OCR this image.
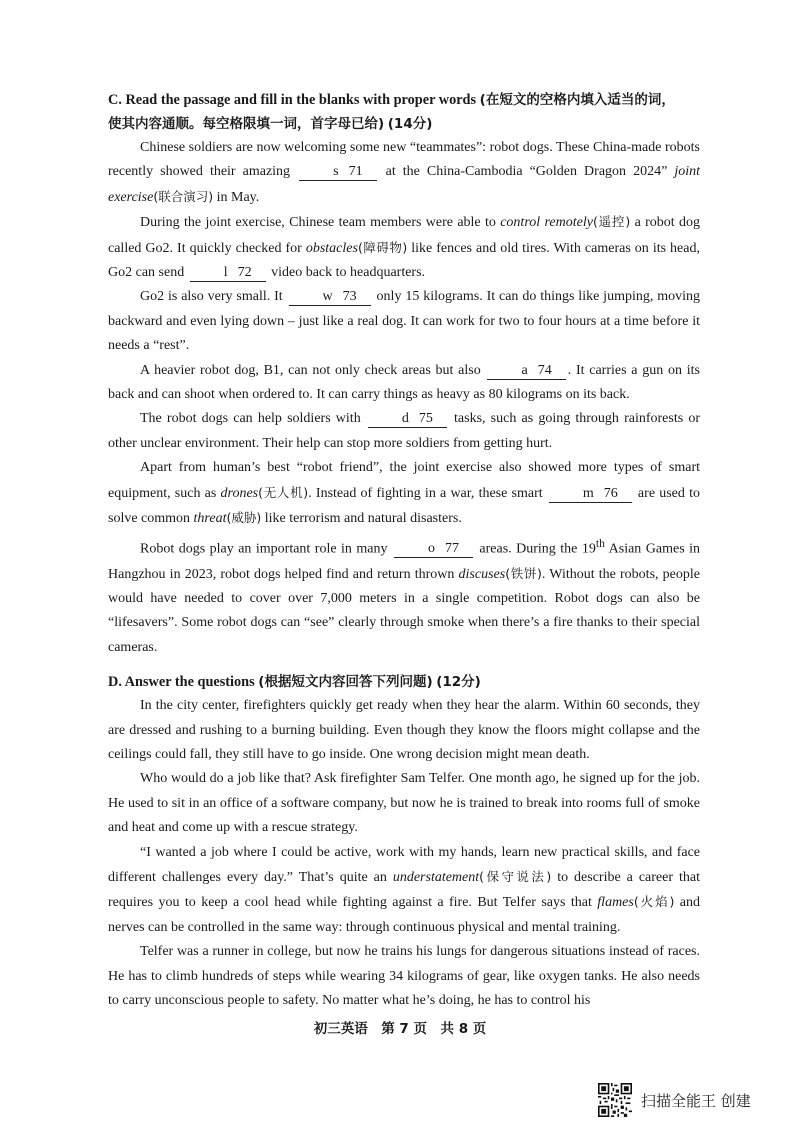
C. Read the passage and fill in the blanks with proper words (在短文的空格内填入适当的词，
使其内容通顺。每空格限填一词，首字母已给) (14分)

Chinese soldiers are now welcoming some new “teammates”: robot dogs. These China-made robots recently showed their amazing	s 71 at the China-Cambodia “Golden Dragon 2024” joint exercise(联合演习) in May.

During the joint exercise, Chinese team members were able to control remotely(遥控) a robot dog called Go2. It quickly checked for obstacles(障碍物) like fences and old tires. With cameras on its head, Go2 can send	l 72 video back to headquarters.

Go2 is also very small. It	w 73 only 15 kilograms. It can do things like jumping, moving backward and even lying down – just like a real dog. It can work for two to four hours at a time before it needs a “rest”.

A heavier robot dog, B1, can not only check areas but also	a 74 . It carries a gun on its back and can shoot when ordered to. It can carry things as heavy as 80 kilograms on its back.

The robot dogs can help soldiers with	d 75 tasks, such as going through rainforests or other unclear environment. Their help can stop more soldiers from getting hurt.

Apart from human’s best “robot friend”, the joint exercise also showed more types of smart equipment, such as drones(无人机). Instead of fighting in a war, these smart	m 76 are used to solve common threat(威胁) like terrorism and natural disasters.

Robot dogs play an important role in many	o 77 areas. During the 19th Asian Games in Hangzhou in 2023, robot dogs helped find and return thrown discuses(铁饼). Without the robots, people would have needed to cover over 7,000 meters in a single competition. Robot dogs can also be “lifesavers”. Some robot dogs can “see” clearly through smoke when there’s a fire thanks to their special cameras.

D. Answer the questions (根据短文内容回答下列问题) (12分)

In the city center, firefighters quickly get ready when they hear the alarm. Within 60 seconds, they are dressed and rushing to a burning building. Even though they know the floors might collapse and the ceilings could fall, they still have to go inside. One wrong decision might mean death.

Who would do a job like that? Ask firefighter Sam Telfer. One month ago, he signed up for the job. He used to sit in an office of a software company, but now he is trained to break into rooms full of smoke and heat and come up with a rescue strategy.

“I wanted a job where I could be active, work with my hands, learn new practical skills, and face different challenges every day.” That’s quite an understatement(保守说法) to describe a career that requires you to keep a cool head while fighting against a fire. But Telfer says that flames(火焰) and nerves can be controlled in the same way: through continuous physical and mental training.

Telfer was a runner in college, but now he trains his lungs for dangerous situations instead of races. He has to climb hundreds of steps while wearing 34 kilograms of gear, like oxygen tanks. He also needs to carry unconscious people to safety. No matter what he’s doing, he has to control his

初三英语　第 7 页　共 8 页
扫描全能王 创建
